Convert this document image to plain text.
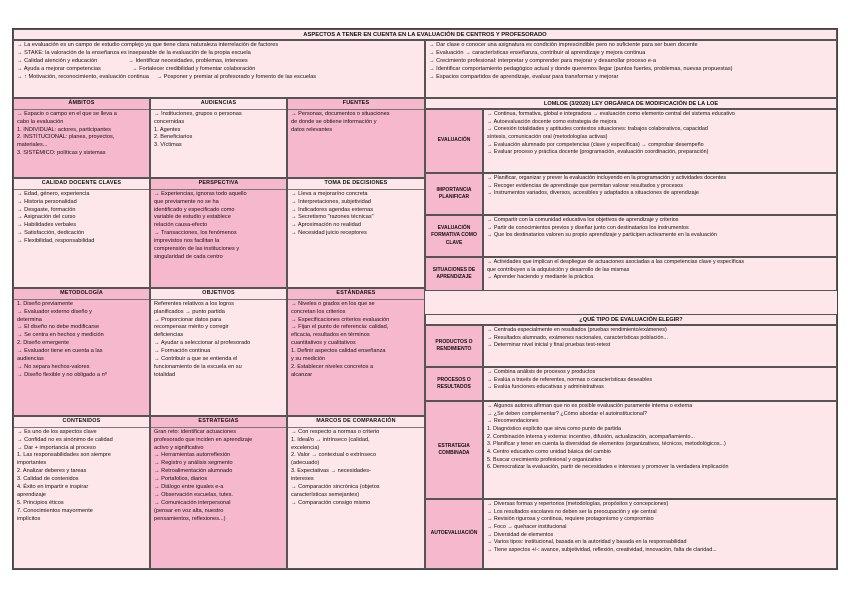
ASPECTOS A TENER EN CUENTA EN LA EVALUACIÓN DE CENTROS Y PROFESORADO
→ La evaluación es un campo de estudio complejo ya que tiene clara naturaleza interrelación de factores
→ STAKE: la valoración de la enseñanza es inseparable de la evaluación de la propia escuela
→ Calidad atención y educación                    → Identificar necesidades, problemas, intereses
→ Ayuda a mejorar competencias                    → Fortalecer credibilidad y fomentar colaboración
→ ↑ Motivación, reconocimiento, evaluación continua     → Posponer y premiar al profesorado y fomento de las escuelas
→ Dar clase o conocer una asignatura es condición imprescindible pero no suficiente para ser buen docente
→ Evaluación → características enseñanza, contribuir al aprendizaje y mejora continua
→ Crecimiento profesional: interpretar y comprender para mejorar y desarrollar proceso e-a
→ Identificar comportamiento pedagógico actual y donde queremos llegar (puntos fuertes, problemas, nuevas propuestas)
→ Espacios compartidos de aprendizaje, evaluar para transformar y mejorar
ÁMBITOS
→ Espacio o campo en el que se lleva a
cabo la evaluación
1. INDIVIDUAL: actores, participantes
2. INSTITUCIONAL: planes, proyectos,
materiales...
3. SISTÉMICO: políticas y sistemas
AUDIENCIAS
→ Instituciones, grupos o personas
concernidas
1. Agentes
2. Beneficiarios
3. Víctimas
FUENTES
→ Personas, documentos o situaciones
de donde se obtiene información y
datos relevantes
CALIDAD DOCENTE CLAVES
→ Edad, género, experiencia
→ Historia personalidad
→ Desgaste, formación
→ Asignación del curso
→ Habilidades verbales
→ Satisfacción, dedicación
→ Flexibilidad, responsabilidad
PERSPECTIVA
→ Experiencias, ignoras todo aquello
que previamente no se ha
identificado y especificado como
variable de estudio y establece
relación causa-efecto
→ Transacciones, los fenómenos
imprevistos nos facilitan la
comprensión de las instituciones y
singularidad de cada centro
TOMA DE DECISIONES
→ Lleva a mejorar/no concreta
→ Interpretaciones, subjetividad
→ Indicadores agendas externas
→ Secretismo "razones técnicas"
→ Aproximación no realidad
→ Necesidad juicio receptores
METODOLOGÍA
1. Diseño previamente
→ Evaluador externo diseño y
determina
→ El diseño no debe modificarse
→ Se centra en hechos y medición
2. Diseño emergente
→ Evaluador tiene en cuenta a las
audiencias
→ No separa hechos-valores
→ Diseño flexible y no obligado a nº
OBJETIVOS
Referentes relativos a los logros
planificados → punto partida
→ Proporcionar datos para
recompensar mérito y corregir
deficiencias
→ Ayudar a seleccionar al profesorado
→ Formación continua
→ Contribuir a que se entienda el
funcionamiento de la escuela en su
totalidad
ESTÁNDARES
→ Niveles o grados en los que se
concretan los criterios
→ Especificaciones criterios evaluación
→ Fijan el punto de referencia: calidad,
eficacia, resultados en términos
cuantitativos y cualitativos
1. Definir aspectos calidad enseñanza
y su medición
2. Establecer niveles concretos a
alcanzar
CONTENIDOS
→ Es uno de los aspectos clave
→ Confidad no es sinónimo de calidad
→ Dar + importancia al proceso
1. Las responsabilidades son siempre
importantes
2. Analizar deberes y tareas
3. Calidad de contenidos
4. Éxito en impartir e inspirar
aprendizaje
5. Principios éticos
7. Conocimientos mayormente
implícitos
ESTRATEGIAS
Gran reto: identificar actuaciones
profesorado que inciden en aprendizaje
activo y significativo
→ Herramientas autorreflexión
→ Registro y análisis segmento
→ Retroalimentación alumnado
→ Portafolios, diarios
→ Diálogo entre iguales e-a
→ Observación escuelas, tutes.
→ Comunicación interpersonal
(pensar en voz alta, nuestro
pensamientos, reflexiones...)
MARCOS DE COMPARACIÓN
→ Con respecto a normas o criterio
1. Ideal/o → intrínseco (calidad,
excelencia)
2. Valor → contextual o extrínseco
(adecuado)
3. Expectativas → necesidades-
intereses
→ Comparación sincrónica (objetos
características semejantes)
→ Comparación consigo mismo
LOMLOE (3/2020) LEY ORGÁNICA DE MODIFICACIÓN DE LA LOE
EVALUACIÓN
→ Continua, formativa, global e integradora → evaluación como elemento central del sistema educativo
→ Autoevaluación docente como estrategia de mejora
→ Conexión totalidades y aptitudes contextos situaciones: trabajos colaborativos, capacidad
síntesis, comunicación oral (metodologías activas)
→ Evaluación alumnado por competencias (clave y específicas) → comprobar desempeño
→ Evaluar proceso y práctica docente (programación, evaluación coordinación, preparación)
IMPORTANCIA PLANIFICAR
→ Planificar, organizar y prever la evaluación incluyendo en la programación y actividades docentes
→ Recoger evidencias de aprendizaje que permitan valorar resultados y procesos
→ Instrumentos variados, diversos, accesibles y adaptados a situaciones de aprendizaje
EVALUACIÓN FORMATIVA COMO CLAVE
→ Compartir con la comunidad educativa los objetivos de aprendizaje y criterios
→ Partir de conocimientos previos y diseñar junto con destinatarios los instrumentos
→ Que los destinatarios valoren su propio aprendizaje y participen activamente en la evaluación
SITUACIONES DE APRENDIZAJE
→ Actividades que implican el despliegue de actuaciones asociadas a las competencias clave y específicas
que contribuyen a la adquisición y desarrollo de las mismas
→ Aprender haciendo y mediante la práctica
¿QUÉ TIPO DE EVALUACIÓN ELEGIR?
PRODUCTOS O RENDIMIENTO
→ Centrada especialmente en resultados (pruebas rendimiento/exámenes)
→ Resultados alumnado, exámenes nacionales, características población...
→ Determinar nivel inicial y final pruebas test-retest
PROCESOS O RESULTADOS
→ Combina análisis de procesos y productos
→ Evalúa a través de referentes, normas o características deseables
→ Evalúa funciones educativas y administrativas
ESTRATEGIA COMBINADA
→ Algunos autores afirman que no es posible evaluación puramente interna o externa
→ ¿Se deben complementar? ¿Cómo abordar el autoinstitucional?
→ Recomendaciones
1. Diagnóstico explícito que sirva como punto de partida
2. Combinación interna y externa: incentivo, difusión, actualización, acompañamiento...
3. Planificar y tener en cuenta la diversidad de elementos (organizativos, técnicos, metodológicos...)
4. Centro educativo como unidad básica del cambio
5. Buscar crecimiento profesional y organizativo
6. Democratizar la evaluación, partir de necesidades e intereses y promover la verdadera implicación
AUTOEVALUACIÓN
→ Diversas formas y repertorios (metodologías, propósitos y concepciones)
→ Los resultados escolares no deben ser la preocupación y eje central
→ Revisión rigurosa y continua, requiere protagonismo y compromiso
→ Foco → quehacer institucional
→ Diversidad de elementos
→ Varios tipos: institucional, basada en la autoridad y basada en la responsabilidad
→ Tiene aspectos +/-: avance, subjetividad, reflexión, creatividad, innovación, falta de claridad...
